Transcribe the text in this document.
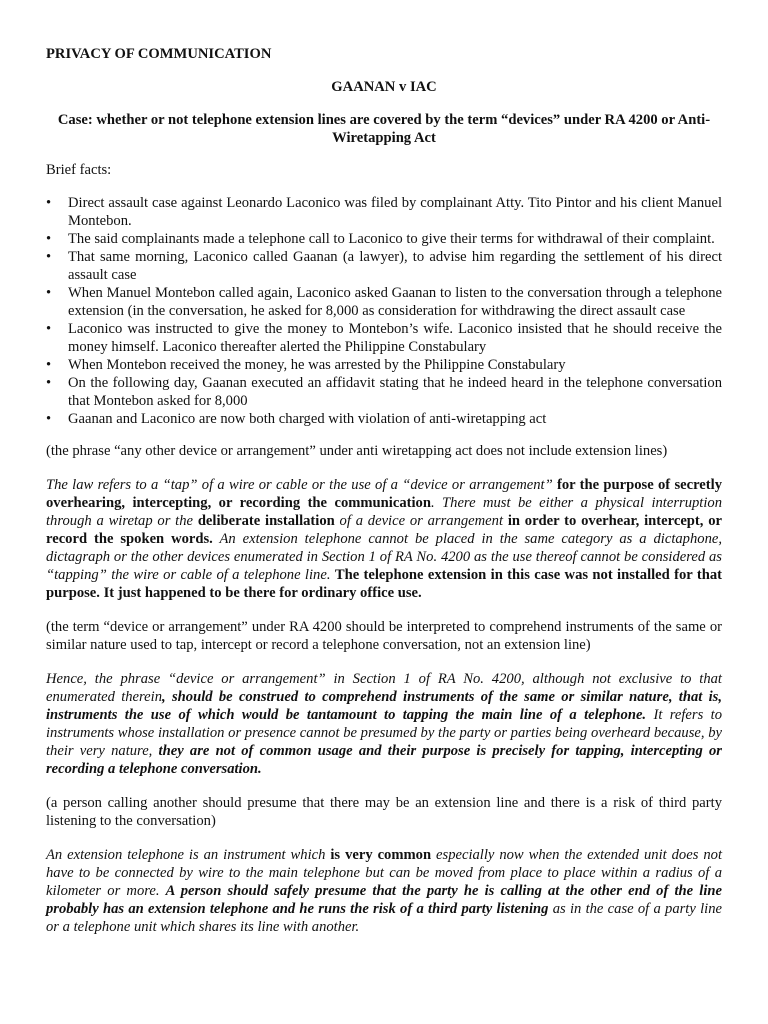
PRIVACY OF COMMUNICATION
GAANAN v IAC
Case: whether or not telephone extension lines are covered by the term “devices” under RA 4200 or Anti-Wiretapping Act
Brief facts:
•	Direct assault case against Leonardo Laconico was filed by complainant Atty. Tito Pintor and his client Manuel Montebon.
•	The said complainants made a telephone call to Laconico to give their terms for withdrawal of their complaint.
•	That same morning, Laconico called Gaanan (a lawyer), to advise him regarding the settlement of his direct assault case
•	When Manuel Montebon called again, Laconico asked Gaanan to listen to the conversation through a telephone extension (in the conversation, he asked for 8,000 as consideration for withdrawing the direct assault case
•	Laconico was instructed to give the money to Montebon’s wife. Laconico insisted that he should receive the money himself. Laconico thereafter alerted the Philippine Constabulary
•	When Montebon received the money, he was arrested by the Philippine Constabulary
•	On the following day, Gaanan executed an affidavit stating that he indeed heard in the telephone conversation that Montebon asked for 8,000
•	Gaanan and Laconico are now both charged with violation of anti-wiretapping act

(the phrase “any other device or arrangement” under anti wiretapping act does not include extension lines)

The law refers to a “tap” of a wire or cable or the use of a “device or arrangement” for the purpose of secretly overhearing, intercepting, or recording the communication. There must be either a physical interruption through a wiretap or the deliberate installation of a device or arrangement in order to overhear, intercept, or record the spoken words. An extension telephone cannot be placed in the same category as a dictaphone, dictagraph or the other devices enumerated in Section 1 of RA No. 4200 as the use thereof cannot be considered as “tapping” the wire or cable of a telephone line. The telephone extension in this case was not installed for that purpose. It just happened to be there for ordinary office use.

(the term “device or arrangement” under RA 4200 should be interpreted to comprehend instruments of the same or similar nature used to tap, intercept or record a telephone conversation, not an extension line)

Hence, the phrase “device or arrangement” in Section 1 of RA No. 4200, although not exclusive to that enumerated therein, should be construed to comprehend instruments of the same or similar nature, that is, instruments the use of which would be tantamount to tapping the main line of a telephone. It refers to instruments whose installation or presence cannot be presumed by the party or parties being overheard because, by their very nature, they are not of common usage and their purpose is precisely for tapping, intercepting or recording a telephone conversation.

(a person calling another should presume that there may be an extension line and there is a risk of third party listening to the conversation)

An extension telephone is an instrument which is very common especially now when the extended unit does not have to be connected by wire to the main telephone but can be moved from place to place within a radius of a kilometer or more. A person should safely presume that the party he is calling at the other end of the line probably has an extension telephone and he runs the risk of a third party listening as in the case of a party line or a telephone unit which shares its line with another.
